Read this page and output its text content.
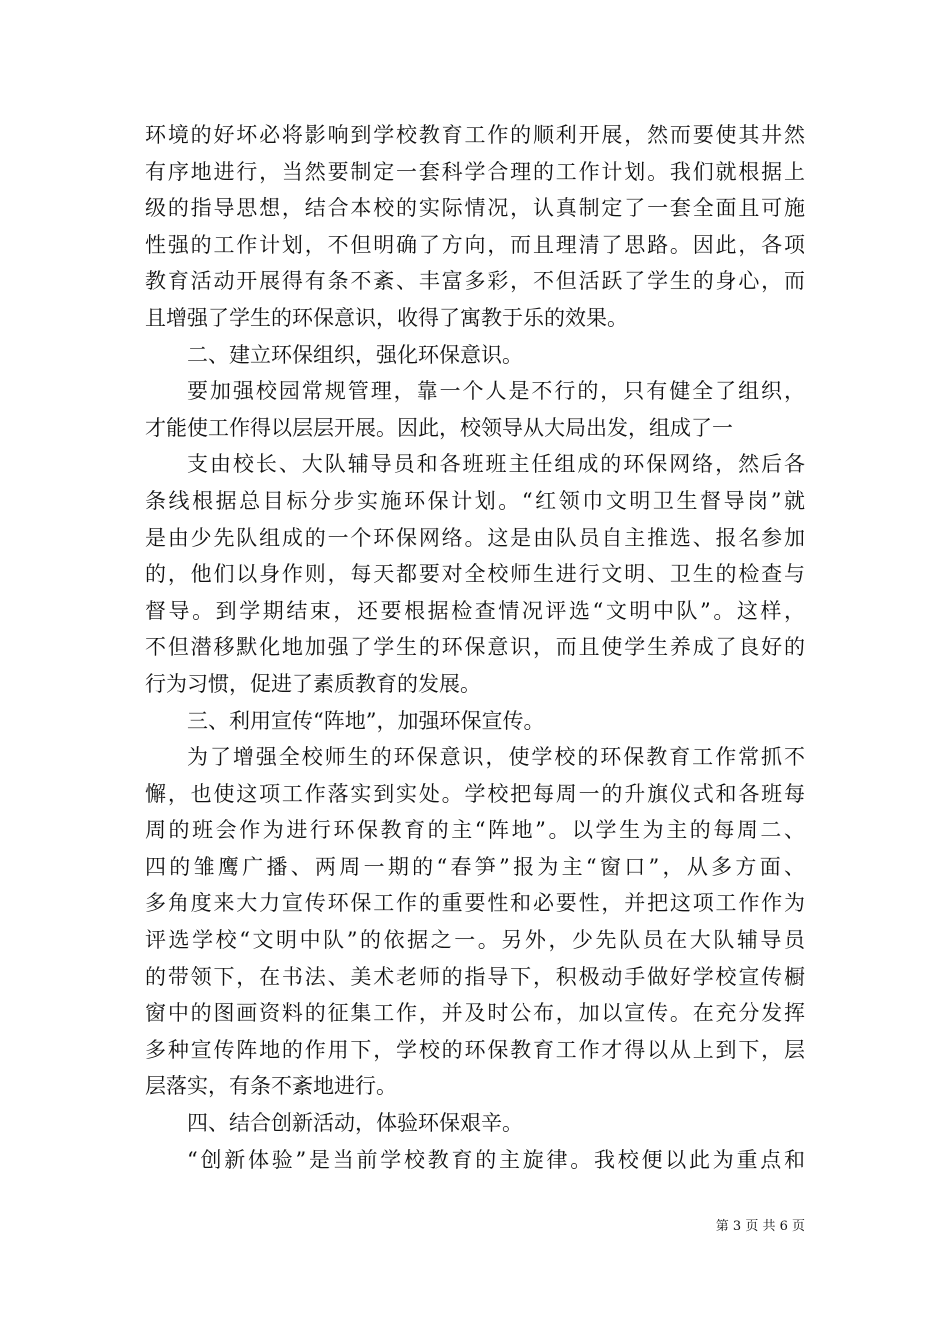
环境的好坏必将影响到学校教育工作的顺利开展，然而要使其井然
有序地进行，当然要制定一套科学合理的工作计划。我们就根据上
级的指导思想，结合本校的实际情况，认真制定了一套全面且可施
性强的工作计划，不但明确了方向，而且理清了思路。因此，各项
教育活动开展得有条不紊、丰富多彩，不但活跃了学生的身心，而
且增强了学生的环保意识，收得了寓教于乐的效果。
二、建立环保组织，强化环保意识。
要加强校园常规管理，靠一个人是不行的，只有健全了组织，
才能使工作得以层层开展。因此，校领导从大局出发，组成了一
支由校长、大队辅导员和各班班主任组成的环保网络，然后各
条线根据总目标分步实施环保计划。“红领巾文明卫生督导岗”就
是由少先队组成的一个环保网络。这是由队员自主推选、报名参加
的，他们以身作则，每天都要对全校师生进行文明、卫生的检查与
督导。到学期结束，还要根据检查情况评选“文明中队”。这样，
不但潜移默化地加强了学生的环保意识，而且使学生养成了良好的
行为习惯，促进了素质教育的发展。
三、利用宣传“阵地”，加强环保宣传。
为了增强全校师生的环保意识，使学校的环保教育工作常抓不
懈，也使这项工作落实到实处。学校把每周一的升旗仪式和各班每
周的班会作为进行环保教育的主“阵地”。以学生为主的每周二、
四的雏鹰广播、两周一期的“春笋”报为主“窗口”，从多方面、
多角度来大力宣传环保工作的重要性和必要性，并把这项工作作为
评选学校“文明中队”的依据之一。另外，少先队员在大队辅导员
的带领下，在书法、美术老师的指导下，积极动手做好学校宣传橱
窗中的图画资料的征集工作，并及时公布，加以宣传。在充分发挥
多种宣传阵地的作用下，学校的环保教育工作才得以从上到下，层
层落实，有条不紊地进行。
四、结合创新活动，体验环保艰辛。
“创新体验”是当前学校教育的主旋律。我校便以此为重点和
第 3 页 共 6 页
